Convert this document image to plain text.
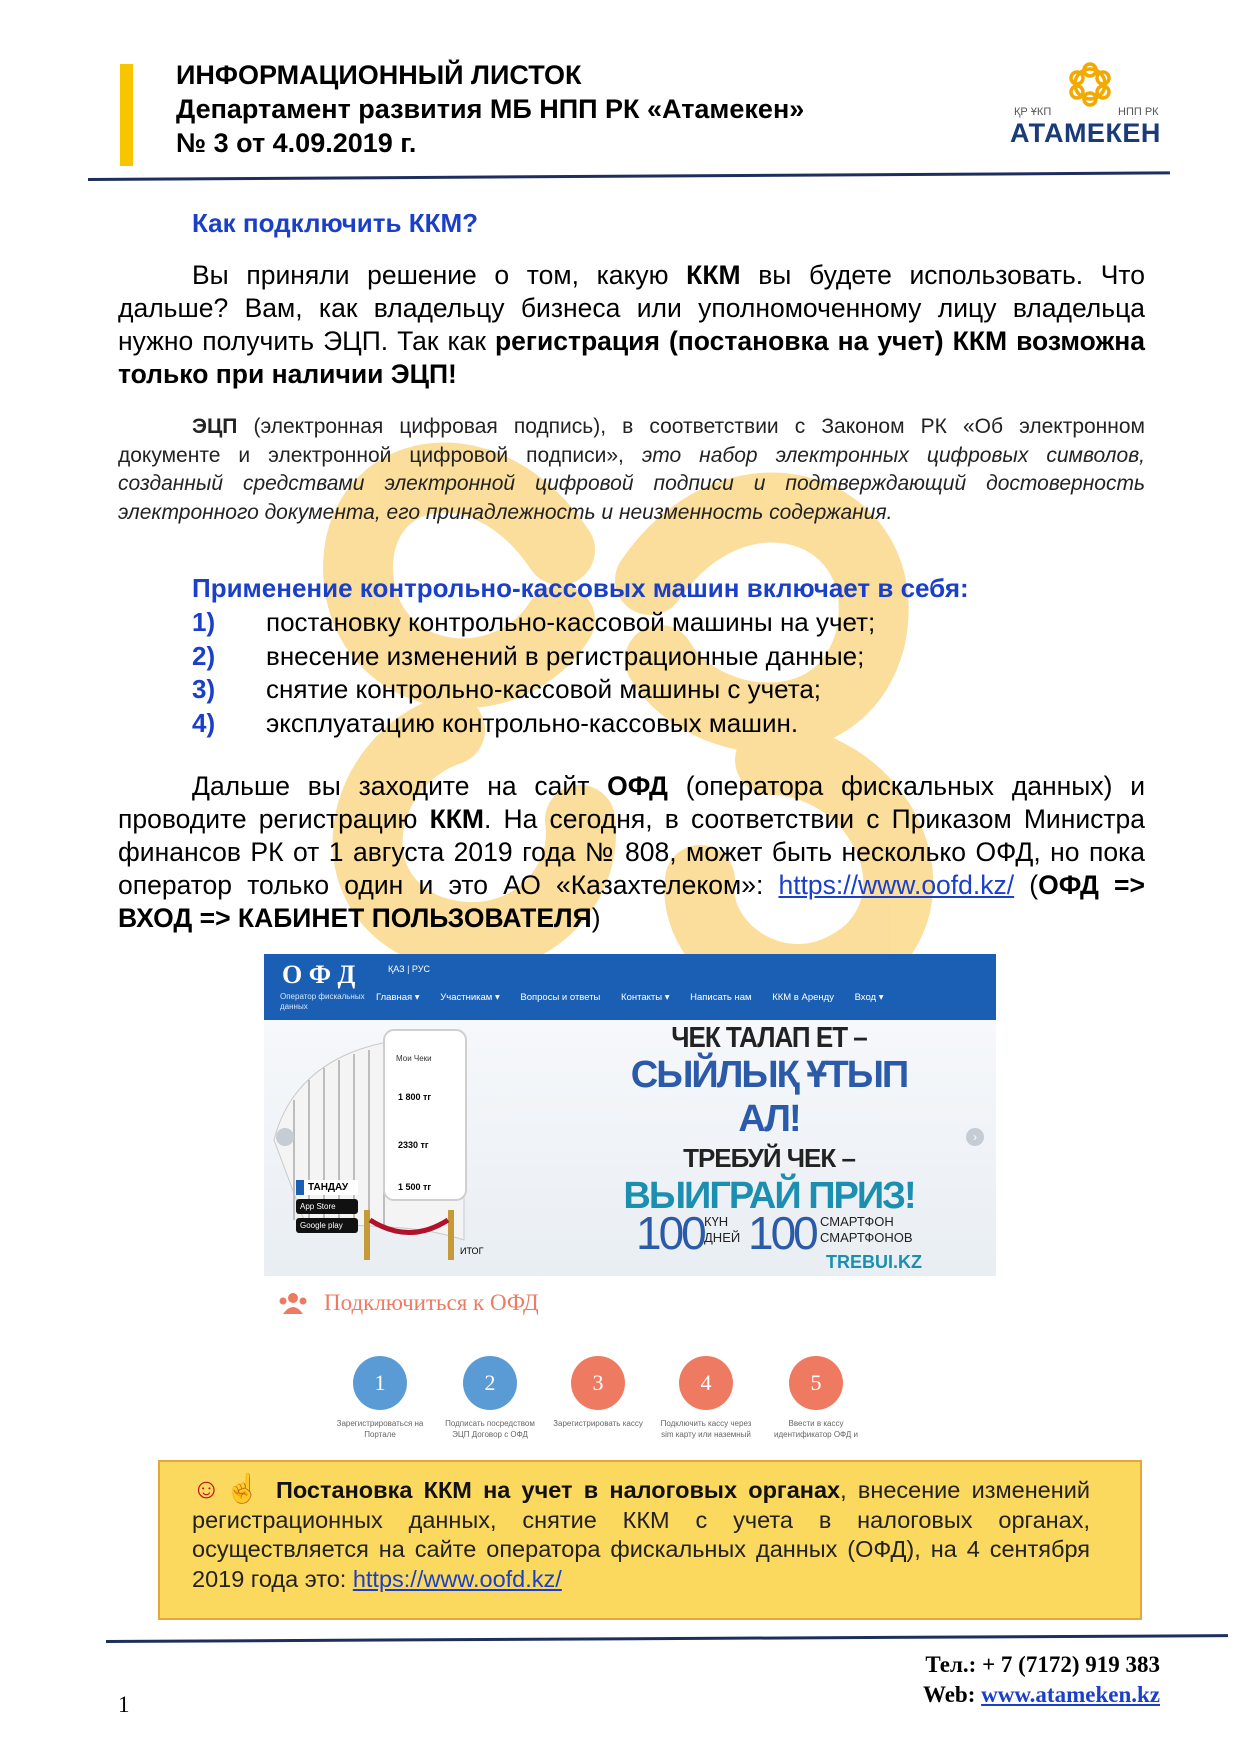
ИНФОРМАЦИОННЫЙ ЛИСТОК
Департамент развития МБ НПП РК «Атамекен»
№ 3 от 4.09.2019 г.
ҚР ҰКП	НПП РК
АТАМЕКЕН
Как подключить ККМ?
Вы приняли решение о том, какую ККМ вы будете использовать. Что дальше? Вам, как владельцу бизнеса или уполномоченному лицу владельца нужно получить ЭЦП. Так как регистрация (постановка на учет) ККМ возможна только при наличии ЭЦП!
ЭЦП (электронная цифровая подпись), в соответствии с Законом РК «Об электронном документе и электронной цифровой подписи», это набор электронных цифровых символов, созданный средствами электронной цифровой подписи и подтверждающий достоверность электронного документа, его принадлежность и неизменность содержания.
Применение контрольно-кассовых машин включает в себя:
1) постановку контрольно-кассовой машины на учет;
2) внесение изменений в регистрационные данные;
3) снятие контрольно-кассовой машины с учета;
4) эксплуатацию контрольно-кассовых машин.
Дальше вы заходите на сайт ОФД (оператора фискальных данных) и проводите регистрацию ККМ. На сегодня, в соответствии с Приказом Министра финансов РК от 1 августа 2019 года № 808, может быть несколько ОФД, но пока оператор только один и это АО «Казахтелеком»: https://www.oofd.kz/ (ОФД => ВХОД => КАБИНЕТ ПОЛЬЗОВАТЕЛЯ)
О Ф Д	ҚАЗ | РУС
Оператор фискальных данных
Главная ▾ Участникам ▾ Вопросы и ответы Контакты ▾ Написать нам ККМ в Аренду Вход ▾
Мои Чеки
1 800 тг
2330 тг
1 500 тг
ИТОГ
ТАНДАУ
App Store
Google play
›
ЧЕК ТАЛАП ЕТ –
СЫЙЛЫҚ ҰТЫП АЛ!
ТРЕБУЙ ЧЕК –
ВЫИГРАЙ ПРИЗ!
100 КҮН
ДНЕЙ 100 СМАРТФОН
СМАРТФОНОВ
TREBUI.KZ
Подключиться к ОФД
1
Зарегистрироваться на
Портале
2
Подписать посредством
ЭЦП Договор с ОФД
3
Зарегистрировать кассу

4
Подключить кассу через
sim карту или наземный
5
Ввести в кассу
идентификатор ОФД и
☺☝ Постановка ККМ на учет в налоговых органах, внесение изменений регистрационных данных, снятие ККМ с учета в налоговых органах, осуществляется на сайте оператора фискальных данных (ОФД), на 4 сентября 2019 года это: https://www.oofd.kz/
1
Тел.: + 7 (7172) 919 383
Web: www.atameken.kz
